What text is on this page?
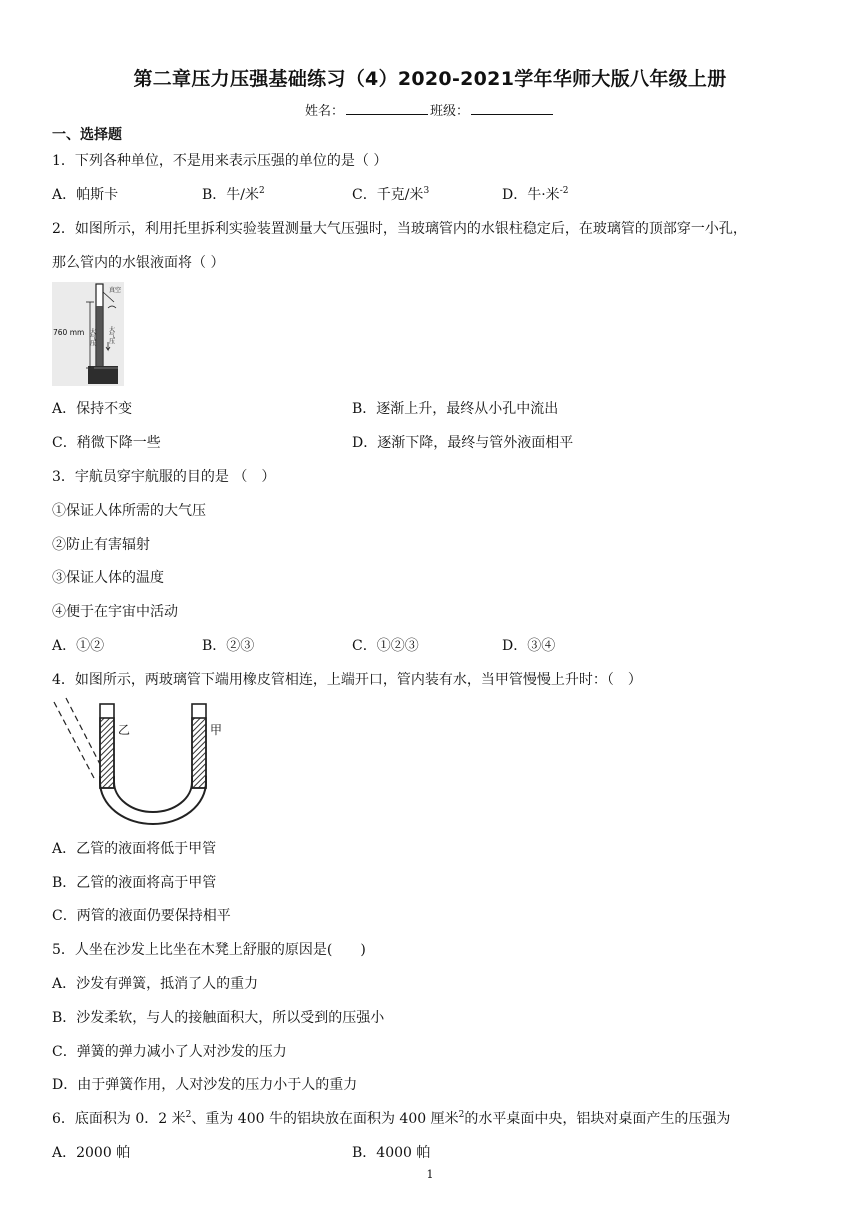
第二章压力压强基础练习（4）2020-2021学年华师大版八年级上册
姓名：	班级：
一、选择题
1．下列各种单位，不是用来表示压强的单位的是（ ）
A．帕斯卡	B．牛/米$^2$	C．千克/米$^3$	D．牛·米$^{-2}$
2．如图所示，利用托里拆利实验装置测量大气压强时，当玻璃管内的水银柱稳定后，在玻璃管的顶部穿一小孔，
那么管内的水银液面将（ ）
760 mm
真空
大气压 大气压
A．保持不变	B．逐渐上升，最终从小孔中流出
C．稍微下降一些	D．逐渐下降，最终与管外液面相平
3．宇航员穿宇航服的目的是 （　）
①保证人体所需的大气压
②防止有害辐射
③保证人体的温度
④便于在宇宙中活动
A．①②	B．②③	C．①②③	D．③④
4．如图所示，两玻璃管下端用橡皮管相连，上端开口，管内装有水，当甲管慢慢上升时：（　）
乙	甲
A．乙管的液面将低于甲管
B．乙管的液面将高于甲管
C．两管的液面仍要保持相平
5．人坐在沙发上比坐在木凳上舒服的原因是(　　)
A．沙发有弹簧，抵消了人的重力
B．沙发柔软，与人的接触面积大，所以受到的压强小
C．弹簧的弹力减小了人对沙发的压力
D．由于弹簧作用，人对沙发的压力小于人的重力
6．底面积为 0．2 米$^2$、重为 400 牛的铝块放在面积为 400 厘米$^2$的水平桌面中央，铝块对桌面产生的压强为
A．2000 帕	B．4000 帕
1
